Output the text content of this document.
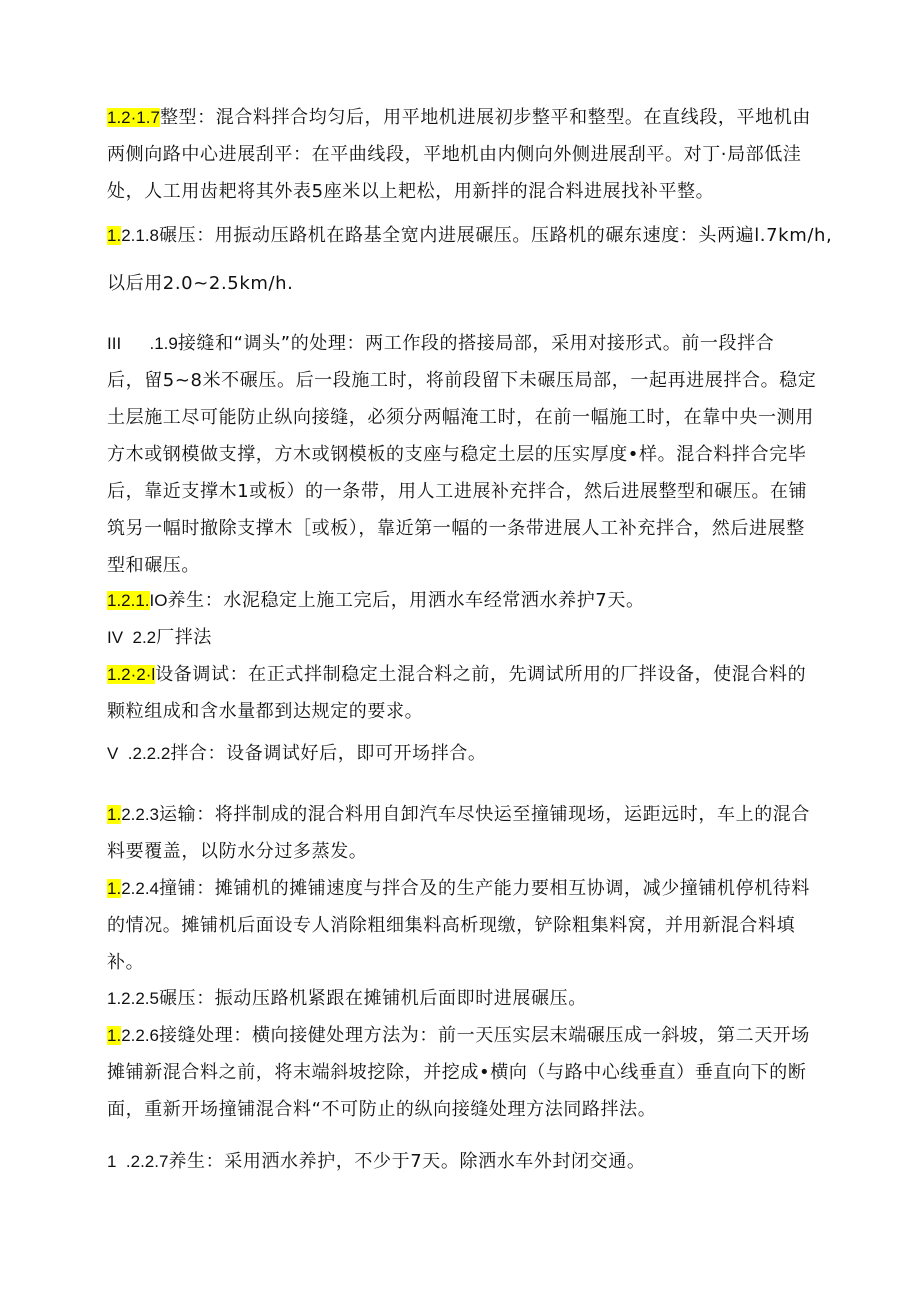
1.2·1.7整型：混合料拌合均匀后，用平地机进展初步整平和整型。在直线段，平地机由
两侧向路中心进展刮平：在平曲线段，平地机由内侧向外侧进展刮平。对丁·局部低洼
处，人工用齿耙将其外表5座米以上耙松，用新拌的混合料进展找补平整。
1.2.1.8碾压：用振动压路机在路基全宽内进展碾压。压路机的碾东速度：头两遍l.7km/h,
以后用2.0~2.5km/h.
III      .1.9接缝和“调头”的处理：两工作段的搭接局部，采用对接形式。前一段拌合
后，留5~8米不碾压。后一段施工时，将前段留下未碾压局部，一起再进展拌合。稳定
土层施工尽可能防止纵向接缝，必须分两幅淹工时，在前一幅施工时，在靠中央一测用
方木或钢模做支撑，方木或钢模板的支座与稳定土层的压实厚度•样。混合料拌合完毕
后，靠近支撑木1或板）的一条带，用人工进展补充拌合，然后进展整型和碾压。在铺
筑另一幅时撤除支撑木［或板），靠近第一幅的一条带进展人工补充拌合，然后进展整
型和碾压。
1.2.1.IO养生：水泥稳定上施工完后，用洒水车经常洒水养护7天。
IV  2.2厂拌法
1.2·2·l设备调试：在正式拌制稳定土混合料之前，先调试所用的厂拌设备，使混合料的
颗粒组成和含水量都到达规定的要求。
V  .2.2.2拌合：设备调试好后，即可开场拌合。
1.2.2.3运输：将拌制成的混合料用自卸汽车尽快运至撞铺现场，运距远时，车上的混合
料要覆盖，以防水分过多蒸发。
1.2.2.4撞铺：摊铺机的摊铺速度与拌合及的生产能力要相互协调，减少撞铺机停机待料
的情况。摊铺机后面设专人消除粗细集料高析现缴，铲除粗集料窝，并用新混合料填
补。
1.2.2.5碾压：振动压路机紧跟在摊铺机后面即时进展碾压。
1.2.2.6接缝处理：横向接健处理方法为：前一天压实层末端碾压成一斜坡，第二天开场
摊铺新混合料之前，将末端斜坡挖除，并挖成•横向（与路中心线垂直）垂直向下的断
面，重新开场撞铺混合料“不可防止的纵向接缝处理方法同路拌法。
1  .2.2.7养生：采用洒水养护，不少于7天。除洒水车外封闭交通。
